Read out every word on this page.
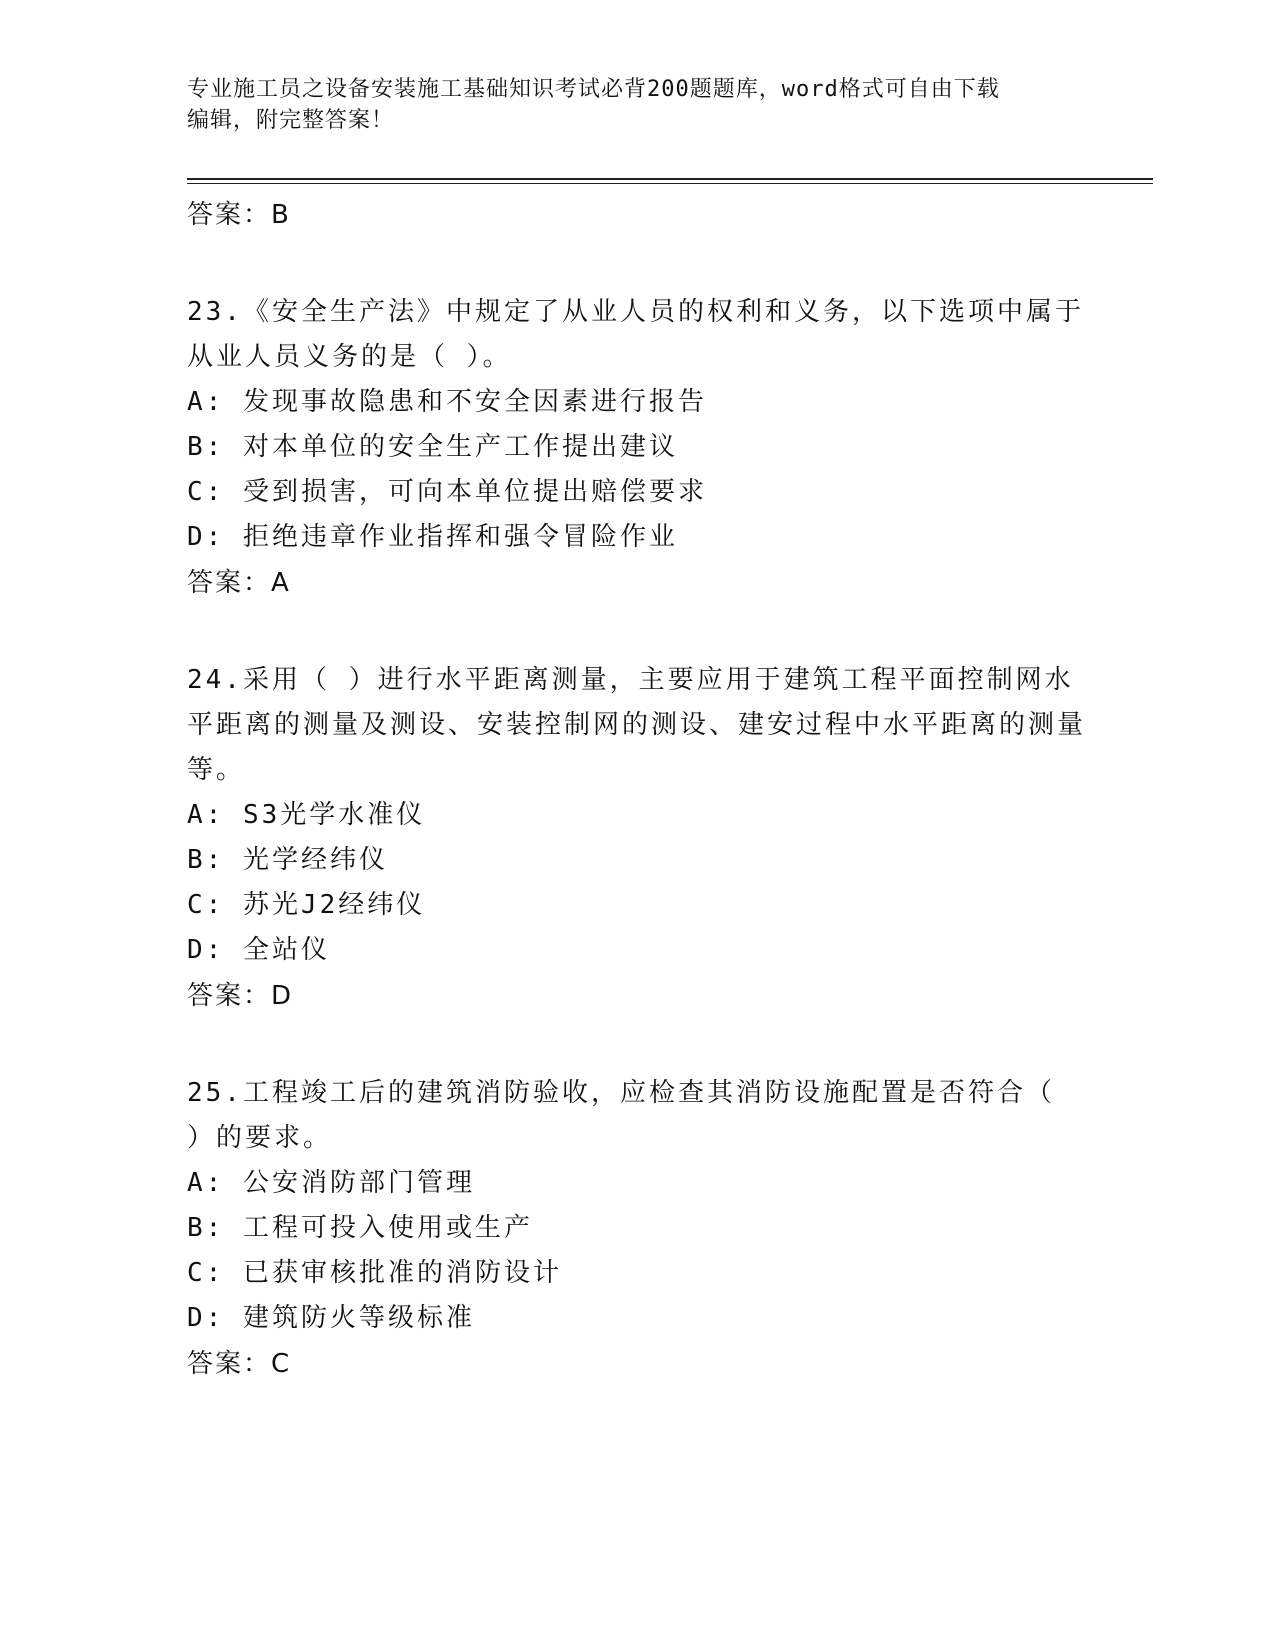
专业施工员之设备安装施工基础知识考试必背200题题库，word格式可自由下载
编辑，附完整答案！
答案：B
23.《安全生产法》中规定了从业人员的权利和义务，以下选项中属于从业人员义务的是（ ）。
A: 发现事故隐患和不安全因素进行报告
B: 对本单位的安全生产工作提出建议
C: 受到损害，可向本单位提出赔偿要求
D: 拒绝违章作业指挥和强令冒险作业
答案：A
24.采用（ ）进行水平距离测量，主要应用于建筑工程平面控制网水平距离的测量及测设、安装控制网的测设、建安过程中水平距离的测量等。
A: S3光学水准仪
B: 光学经纬仪
C: 苏光J2经纬仪
D: 全站仪
答案：D
25.工程竣工后的建筑消防验收，应检查其消防设施配置是否符合（ ）的要求。
A: 公安消防部门管理
B: 工程可投入使用或生产
C: 已获审核批准的消防设计
D: 建筑防火等级标准
答案：C
